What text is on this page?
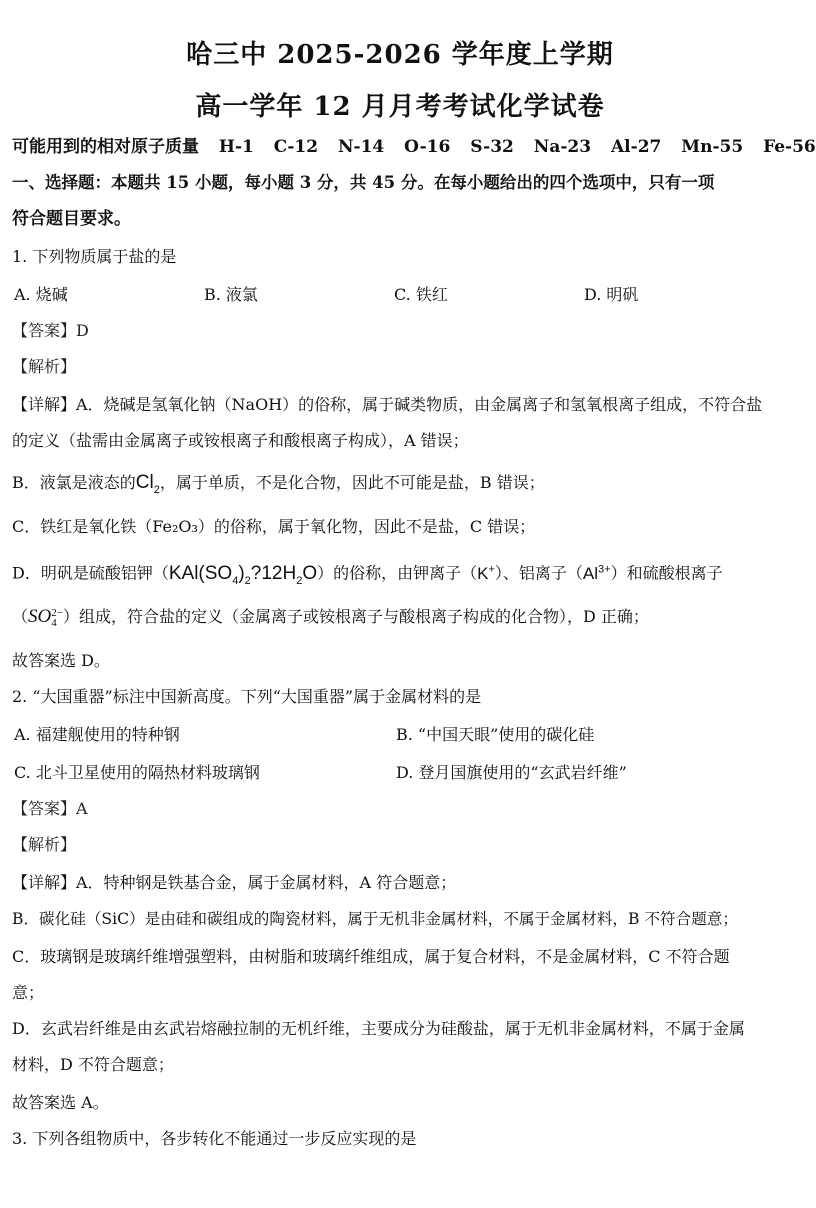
哈三中 2025-2026 学年度上学期
高一学年 12 月月考考试化学试卷
可能用到的相对原子质量 H-1 C-12 N-14 O-16 S-32 Na-23 Al-27 Mn-55 Fe-56
一、选择题：本题共 15 小题，每小题 3 分，共 45 分。在每小题给出的四个选项中，只有一项
符合题目要求。
1. 下列物质属于盐的是
A. 烧碱	B. 液氯	C. 铁红	D. 明矾
【答案】D
【解析】
【详解】A．烧碱是氢氧化钠（NaOH）的俗称，属于碱类物质，由金属离子和氢氧根离子组成，不符合盐
的定义（盐需由金属离子或铵根离子和酸根离子构成），A 错误；
B．液氯是液态的$Cl_2$，属于单质，不是化合物，因此不可能是盐，B 错误；
C．铁红是氧化铁（Fe₂O₃）的俗称，属于氧化物，因此不是盐，C 错误；
D．明矾是硫酸铝钾$(KAl(SO_4)_2?12H_2O)$的俗称，由钾离子（K+）、铝离子$(Al^{3+})$和硫酸根离子
（SO 2−
4 ）组成，符合盐的定义（金属离子或铵根离子与酸根离子构成的化合物），D 正确；
故答案选 D。
2. “大国重器”标注中国新高度。下列“大国重器”属于金属材料的是
A. 福建舰使用的特种钢	B. “中国天眼”使用的碳化硅
C. 北斗卫星使用的隔热材料玻璃钢	D. 登月国旗使用的“玄武岩纤维”
【答案】A
【解析】
【详解】A．特种钢是铁基合金，属于金属材料，A 符合题意；
B．碳化硅（SiC）是由硅和碳组成的陶瓷材料，属于无机非金属材料，不属于金属材料，B 不符合题意；
C．玻璃钢是玻璃纤维增强塑料，由树脂和玻璃纤维组成，属于复合材料，不是金属材料，C 不符合题
意；
D．玄武岩纤维是由玄武岩熔融拉制的无机纤维，主要成分为硅酸盐，属于无机非金属材料，不属于金属
材料，D 不符合题意；
故答案选 A。
3. 下列各组物质中，各步转化不能通过一步反应实现的是
